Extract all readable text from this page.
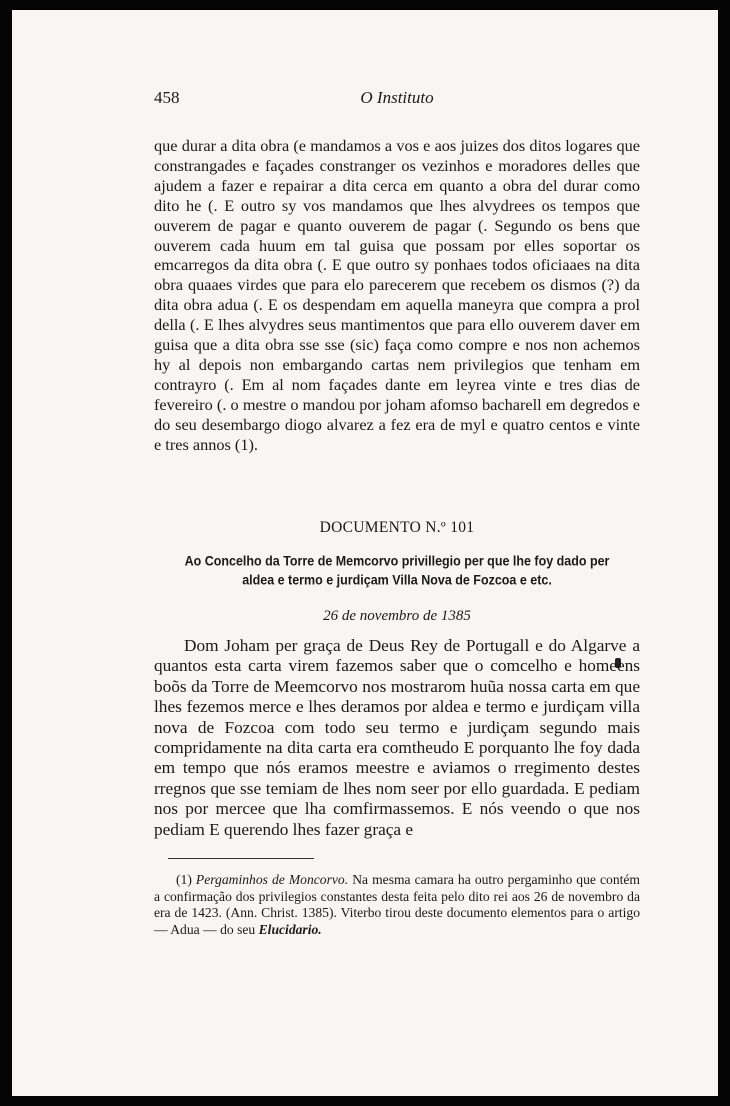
458	O Instituto

que durar a dita obra (e mandamos a vos e aos juizes dos ditos logares que constrangades e façades constranger os vezinhos e moradores delles que ajudem a fazer e repairar a dita cerca em quanto a obra del durar como dito he (. E outro sy vos mandamos que lhes alvydrees os tempos que ouverem de pagar e quanto ouverem de pagar (. Segundo os bens que ouverem cada huum em tal guisa que possam por elles soportar os emcarregos da dita obra (. E que outro sy ponhaes todos oficiaaes na dita obra quaaes virdes que para elo parecerem que recebem os dismos (?) da dita obra adua (. E os despendam em aquella maneyra que compra a prol della (. E lhes alvydres seus mantimentos que para ello ouverem daver em guisa que a dita obra sse sse (sic) faça como compre e nos non achemos hy al depois non embargando cartas nem privilegios que tenham em contrayro (. Em al nom façades dante em leyrea vinte e tres dias de fevereiro (. o mestre o mandou por joham afomso bacharell em degredos e do seu desembargo diogo alvarez a fez era de myl e quatro centos e vinte e tres annos (1).

DOCUMENTO N.º 101
Ao Concelho da Torre de Memcorvo privillegio per que lhe foy dado per aldea e termo e jurdiçam Villa Nova de Fozcoa e etc.
26 de novembro de 1385

Dom Joham per graça de Deus Rey de Portugall e do Algarve a quantos esta carta virem fazemos saber que o comcelho e homeens boõs da Torre de Meemcorvo nos mostrarom huũa nossa carta em que lhes fezemos merce e lhes deramos por aldea e termo e jurdiçam villa nova de Fozcoa com todo seu termo e jurdiçam segundo mais compridamente na dita carta era comtheudo E porquanto lhe foy dada em tempo que nós eramos meestre e aviamos o rregimento destes rregnos que sse temiam de lhes nom seer por ello guardada. E pediam nos por mercee que lha comfirmassemos. E nós veendo o que nos pediam E querendo lhes fazer graça e

(1) Pergaminhos de Moncorvo. Na mesma camara ha outro pergaminho que contém a confirmação dos privilegios constantes desta feita pelo dito rei aos 26 de novembro da era de 1423. (Ann. Christ. 1385). Viterbo tirou deste documento elementos para o artigo — Adua — do seu Elucidario.
